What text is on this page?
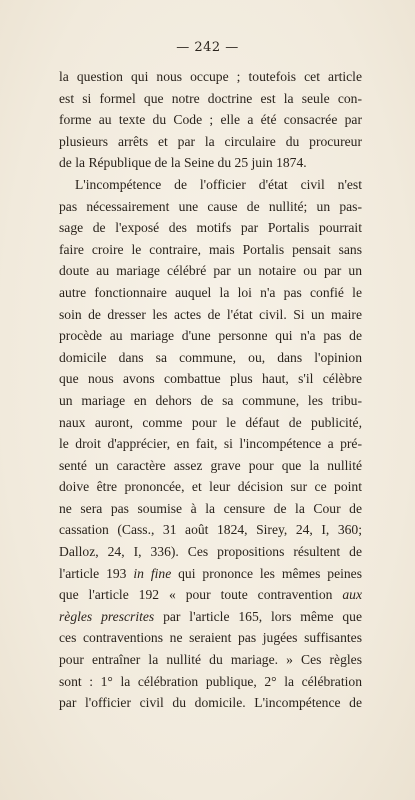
— 242 —
la question qui nous occupe ; toutefois cet article
est si formel que notre doctrine est la seule con-
forme au texte du Code ; elle a été consacrée par
plusieurs arrêts et par la circulaire du procureur
de la République de la Seine du 25 juin 1874.
L'incompétence de l'officier d'état civil n'est
pas nécessairement une cause de nullité; un pas-
sage de l'exposé des motifs par Portalis pourrait
faire croire le contraire, mais Portalis pensait sans
doute au mariage célébré par un notaire ou par un
autre fonctionnaire auquel la loi n'a pas confié le
soin de dresser les actes de l'état civil. Si un maire
procède au mariage d'une personne qui n'a pas de
domicile dans sa commune, ou, dans l'opinion
que nous avons combattue plus haut, s'il célèbre
un mariage en dehors de sa commune, les tribu-
naux auront, comme pour le défaut de publicité,
le droit d'apprécier, en fait, si l'incompétence a pré-
senté un caractère assez grave pour que la nullité
doive être prononcée, et leur décision sur ce point
ne sera pas soumise à la censure de la Cour de
cassation (Cass., 31 août 1824, Sirey, 24, I, 360;
Dalloz, 24, I, 336). Ces propositions résultent de
l'article 193 in fine qui prononce les mêmes peines
que l'article 192 « pour toute contravention aux
règles prescrites par l'article 165, lors même que
ces contraventions ne seraient pas jugées suffisantes
pour entraîner la nullité du mariage. » Ces règles
sont : 1° la célébration publique, 2° la célébration
par l'officier civil du domicile. L'incompétence de
